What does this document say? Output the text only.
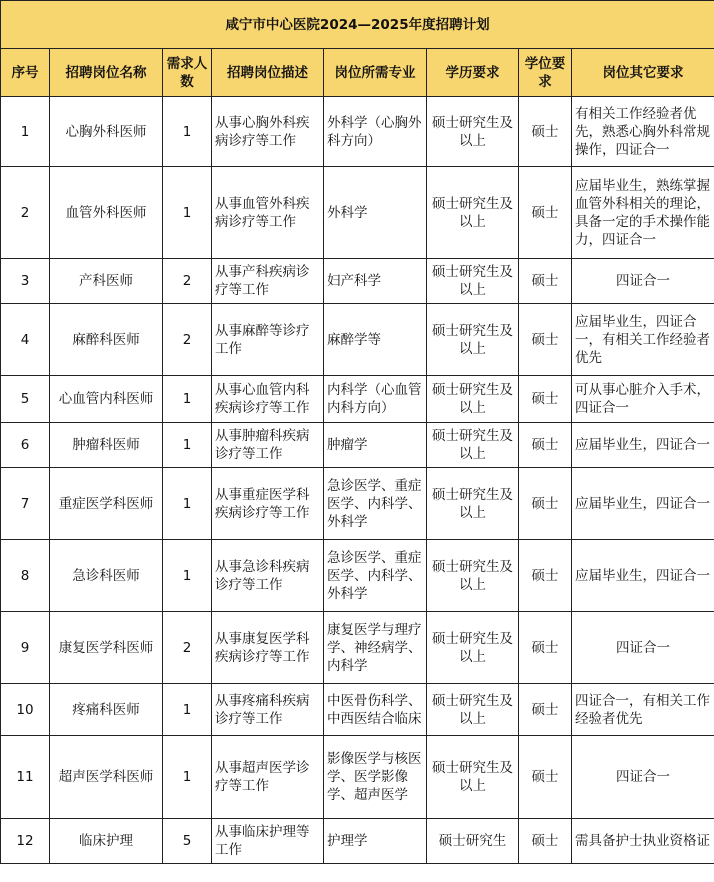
咸宁市中心医院2024—2025年度招聘计划							
序号	招聘岗位名称	需求人数	招聘岗位描述	岗位所需专业	学历要求	学位要求	岗位其它要求
1	心胸外科医师	1	从事心胸外科疾病诊疗等工作	外科学（心胸外科方向）	硕士研究生及以上	硕士	有相关工作经验者优先，熟悉心胸外科常规操作，四证合一
2	血管外科医师	1	从事血管外科疾病诊疗等工作	外科学	硕士研究生及以上	硕士	应届毕业生，熟练掌握血管外科相关的理论，具备一定的手术操作能力，四证合一
3	产科医师	2	从事产科疾病诊疗等工作	妇产科学	硕士研究生及以上	硕士	四证合一
4	麻醉科医师	2	从事麻醉等诊疗工作	麻醉学等	硕士研究生及以上	硕士	应届毕业生，四证合一，有相关工作经验者优先
5	心血管内科医师	1	从事心血管内科疾病诊疗等工作	内科学（心血管内科方向）	硕士研究生及以上	硕士	可从事心脏介入手术，四证合一
6	肿瘤科医师	1	从事肿瘤科疾病诊疗等工作	肿瘤学	硕士研究生及以上	硕士	应届毕业生，四证合一
7	重症医学科医师	1	从事重症医学科疾病诊疗等工作	急诊医学、重症医学、内科学、外科学	硕士研究生及以上	硕士	应届毕业生，四证合一
8	急诊科医师	1	从事急诊科疾病诊疗等工作	急诊医学、重症医学、内科学、外科学	硕士研究生及以上	硕士	应届毕业生，四证合一
9	康复医学科医师	2	从事康复医学科疾病诊疗等工作	康复医学与理疗学、神经病学、内科学	硕士研究生及以上	硕士	四证合一
10	疼痛科医师	1	从事疼痛科疾病诊疗等工作	中医骨伤科学、中西医结合临床	硕士研究生及以上	硕士	四证合一，有相关工作经验者优先
11	超声医学科医师	1	从事超声医学诊疗等工作	影像医学与核医学、医学影像学、超声医学	硕士研究生及以上	硕士	四证合一
12	临床护理	5	从事临床护理等工作	护理学	硕士研究生	硕士	需具备护士执业资格证
